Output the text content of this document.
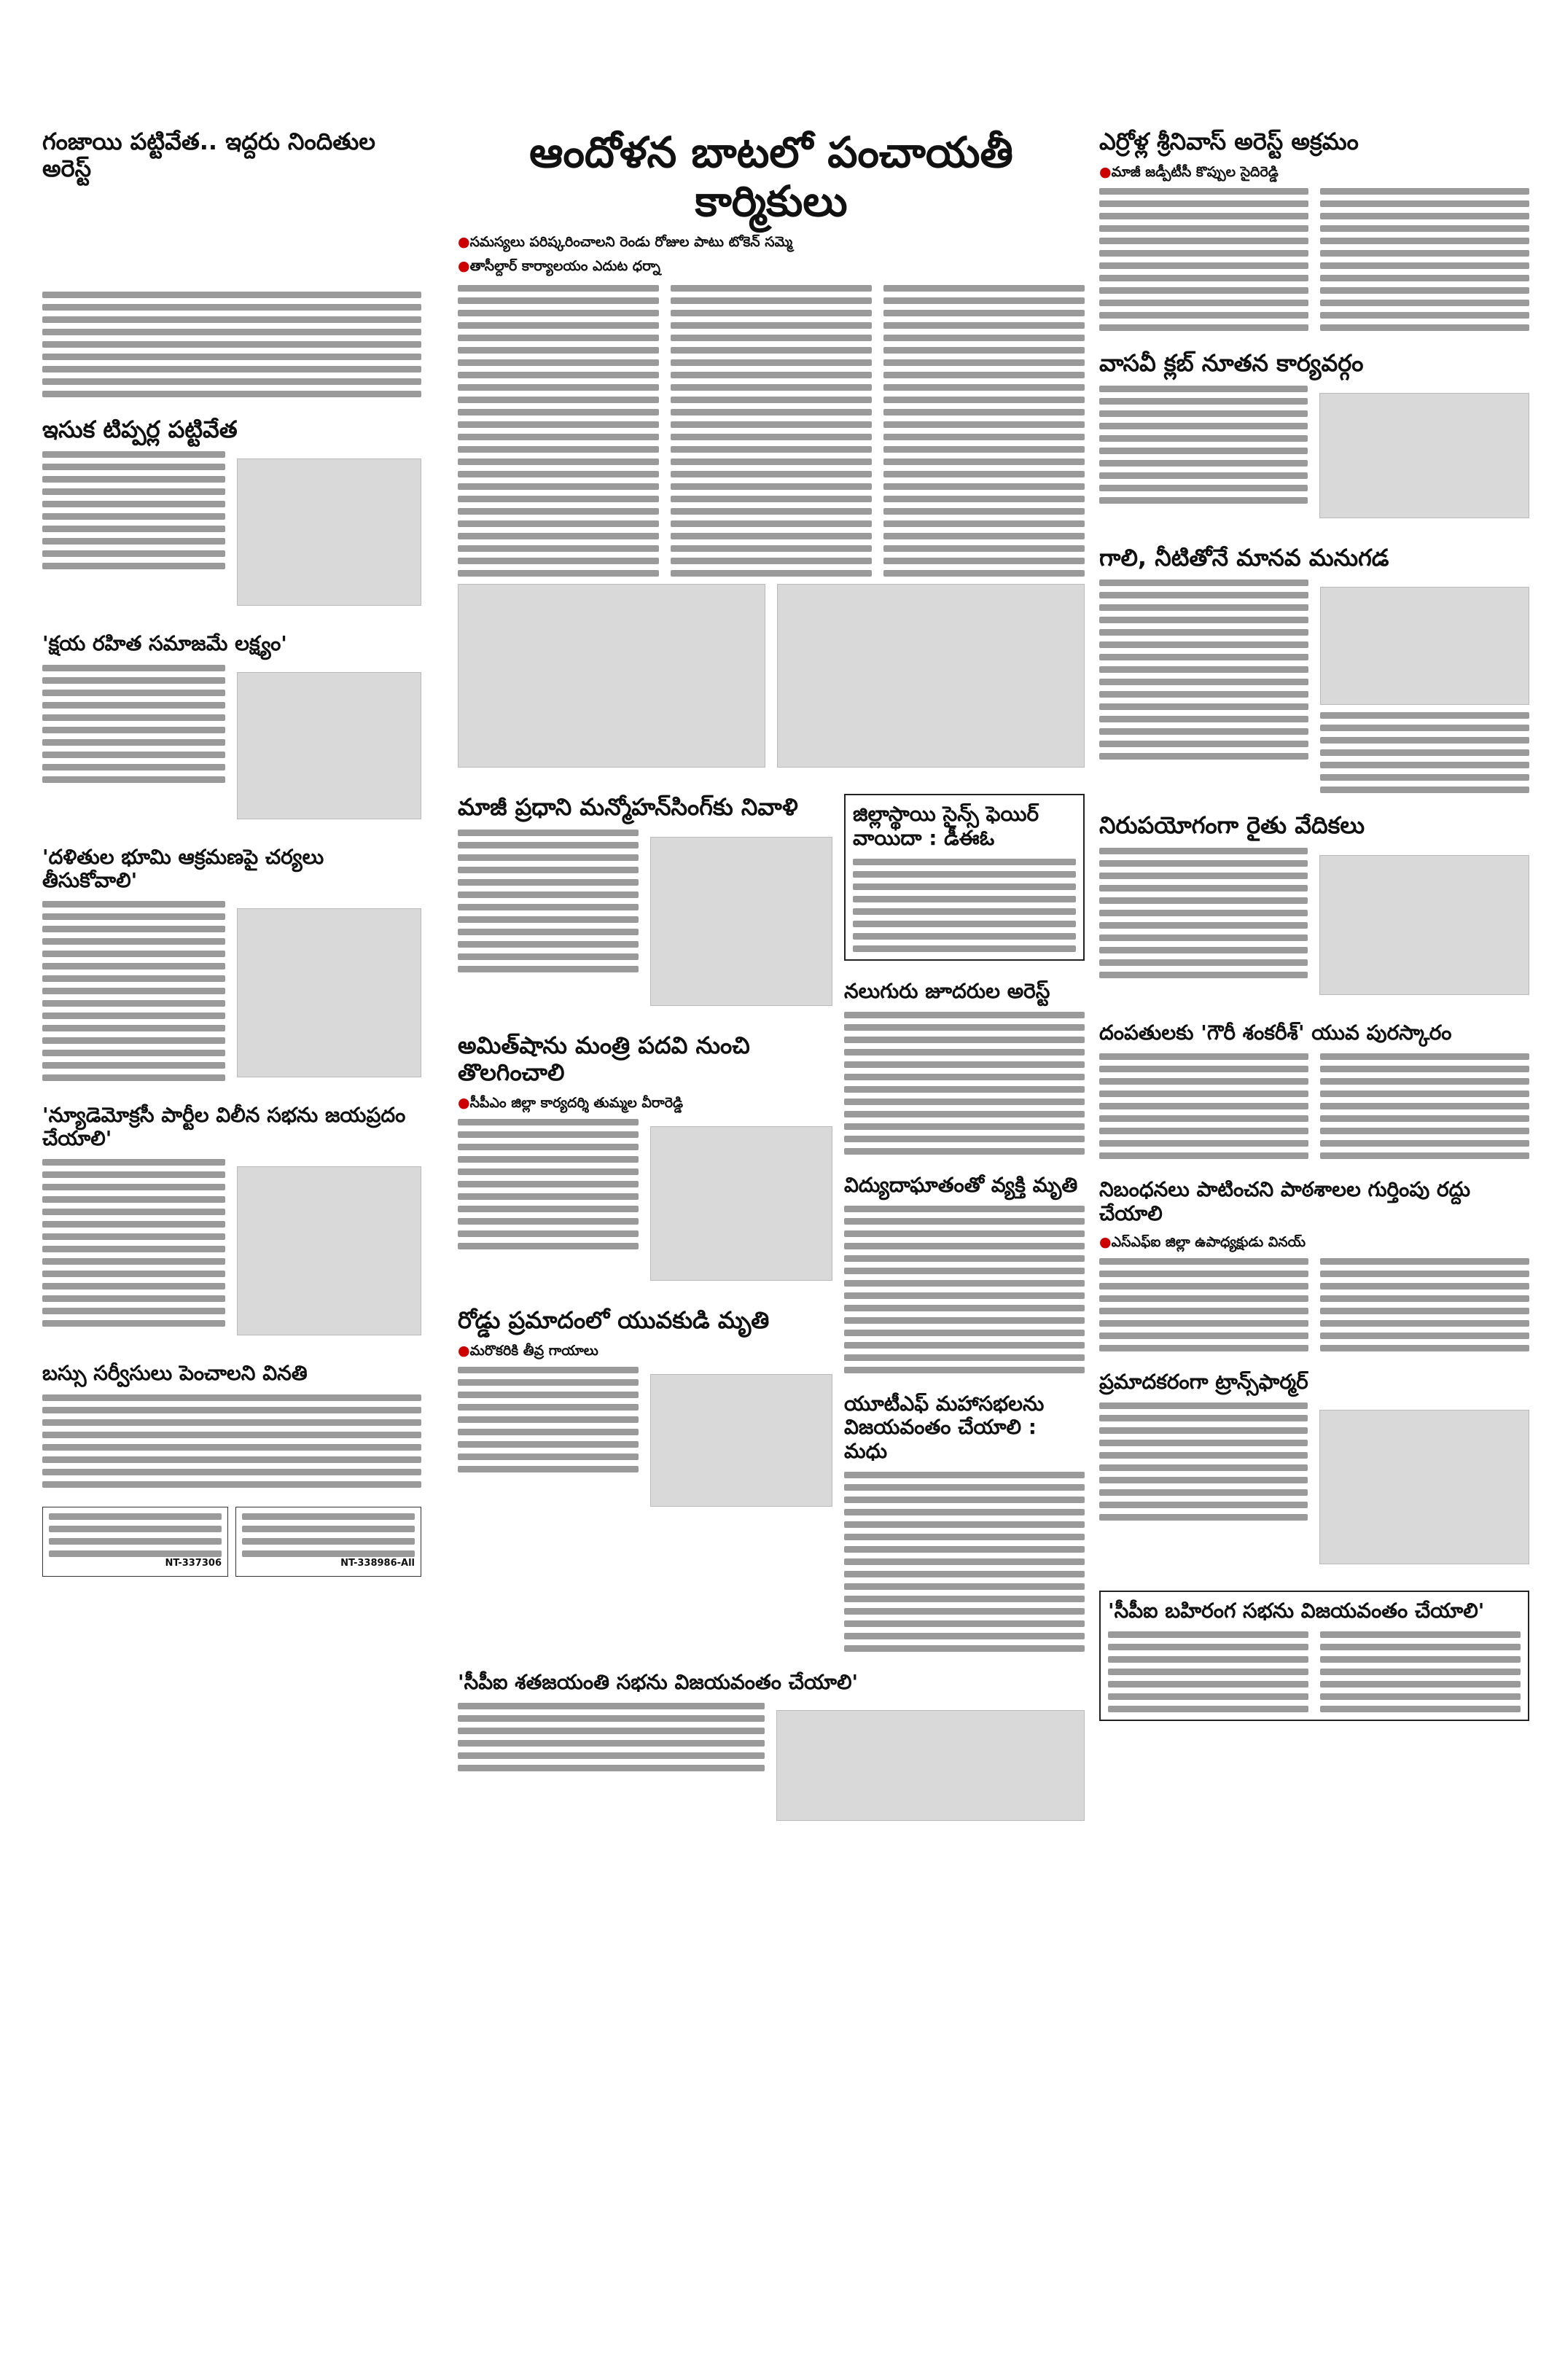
గంజాయి పట్టివేత.. ఇద్దరు నిందితుల అరెస్ట్
ఇసుక టిప్పర్ల పట్టివేత
'క్షయ రహిత సమాజమే లక్ష్యం'
'దళితుల భూమి ఆక్రమణపై చర్యలు తీసుకోవాలి'
'న్యూడెమోక్రసీ పార్టీల విలీన సభను జయప్రదం చేయాలి'
బస్సు సర్వీసులు పెంచాలని వినతి
NT-337306	NT-338986-All
ఆందోళన బాటలో పంచాయతీ కార్మికులు
● సమస్యలు పరిష్కరించాలని రెండు రోజుల పాటు టోకెన్ సమ్మె
● తాసీల్దార్ కార్యాలయం ఎదుట ధర్నా
మాజీ ప్రధాని మన్మోహన్‌సింగ్‌కు నివాళి
అమిత్‌షాను మంత్రి పదవి నుంచి తొలగించాలి
● సీపీఎం జిల్లా కార్యదర్శి తుమ్మల వీరారెడ్డి
రోడ్డు ప్రమాదంలో యువకుడి మృతి
● మరొకరికి తీవ్ర గాయాలు
జిల్లాస్థాయి సైన్స్ ఫెయిర్ వాయిదా : డీఈఓ
నలుగురు జూదరుల అరెస్ట్
విద్యుదాఘాతంతో వ్యక్తి మృతి
యూటీఎఫ్ మహాసభలను విజయవంతం చేయాలి : మధు
'సీపీఐ శతజయంతి సభను విజయవంతం చేయాలి'
ఎర్రోళ్ల శ్రీనివాస్ అరెస్ట్ అక్రమం
● మాజీ జడ్పీటీసీ కొప్పుల సైదిరెడ్డి
వాసవీ క్లబ్ నూతన కార్యవర్గం
గాలి, నీటితోనే మానవ మనుగడ
నిరుపయోగంగా రైతు వేదికలు
దంపతులకు 'గౌరీ శంకరీశ్' యువ పురస్కారం
నిబంధనలు పాటించని పాఠశాలల గుర్తింపు రద్దు చేయాలి
● ఎస్ఎఫ్ఐ జిల్లా ఉపాధ్యక్షుడు వినయ్
ప్రమాదకరంగా ట్రాన్స్‌ఫార్మర్
'సీపీఐ బహిరంగ సభను విజయవంతం చేయాలి'
